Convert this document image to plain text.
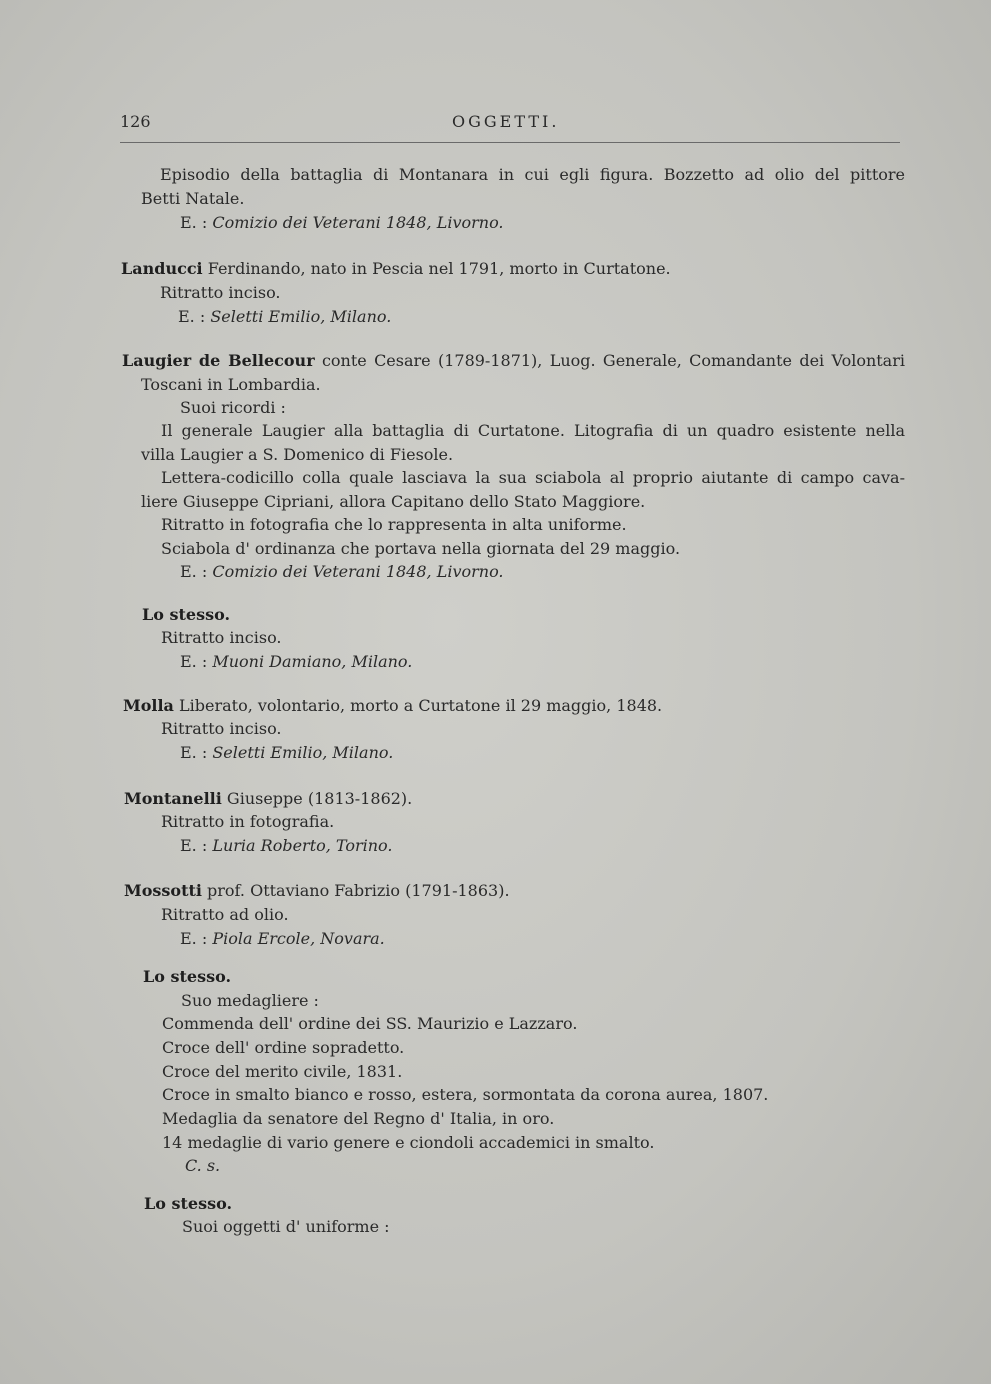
126	OGGETTI.
Episodio della battaglia di Montanara in cui egli figura. Bozzetto ad olio del pittore
Betti Natale.
E. : Comizio dei Veterani 1848, Livorno.
Landucci Ferdinando, nato in Pescia nel 1791, morto in Curtatone.
Ritratto inciso.
E. : Seletti Emilio, Milano.
Laugier de Bellecour conte Cesare (1789-1871), Luog. Generale, Comandante dei Volontari
Toscani in Lombardia.
Suoi ricordi :
Il generale Laugier alla battaglia di Curtatone. Litografia di un quadro esistente nella
villa Laugier a S. Domenico di Fiesole.
Lettera-codicillo colla quale lasciava la sua sciabola al proprio aiutante di campo cava-
liere Giuseppe Cipriani, allora Capitano dello Stato Maggiore.
Ritratto in fotografia che lo rappresenta in alta uniforme.
Sciabola d' ordinanza che portava nella giornata del 29 maggio.
E. : Comizio dei Veterani 1848, Livorno.
Lo stesso.
Ritratto inciso.
E. : Muoni Damiano, Milano.
Molla Liberato, volontario, morto a Curtatone il 29 maggio, 1848.
Ritratto inciso.
E. : Seletti Emilio, Milano.
Montanelli Giuseppe (1813-1862).
Ritratto in fotografia.
E. : Luria Roberto, Torino.
Mossotti prof. Ottaviano Fabrizio (1791-1863).
Ritratto ad olio.
E. : Piola Ercole, Novara.
Lo stesso.
Suo medagliere :
Commenda dell' ordine dei SS. Maurizio e Lazzaro.
Croce dell' ordine sopradetto.
Croce del merito civile, 1831.
Croce in smalto bianco e rosso, estera, sormontata da corona aurea, 1807.
Medaglia da senatore del Regno d' Italia, in oro.
14 medaglie di vario genere e ciondoli accademici in smalto.
C. s.
Lo stesso.
Suoi oggetti d' uniforme :
